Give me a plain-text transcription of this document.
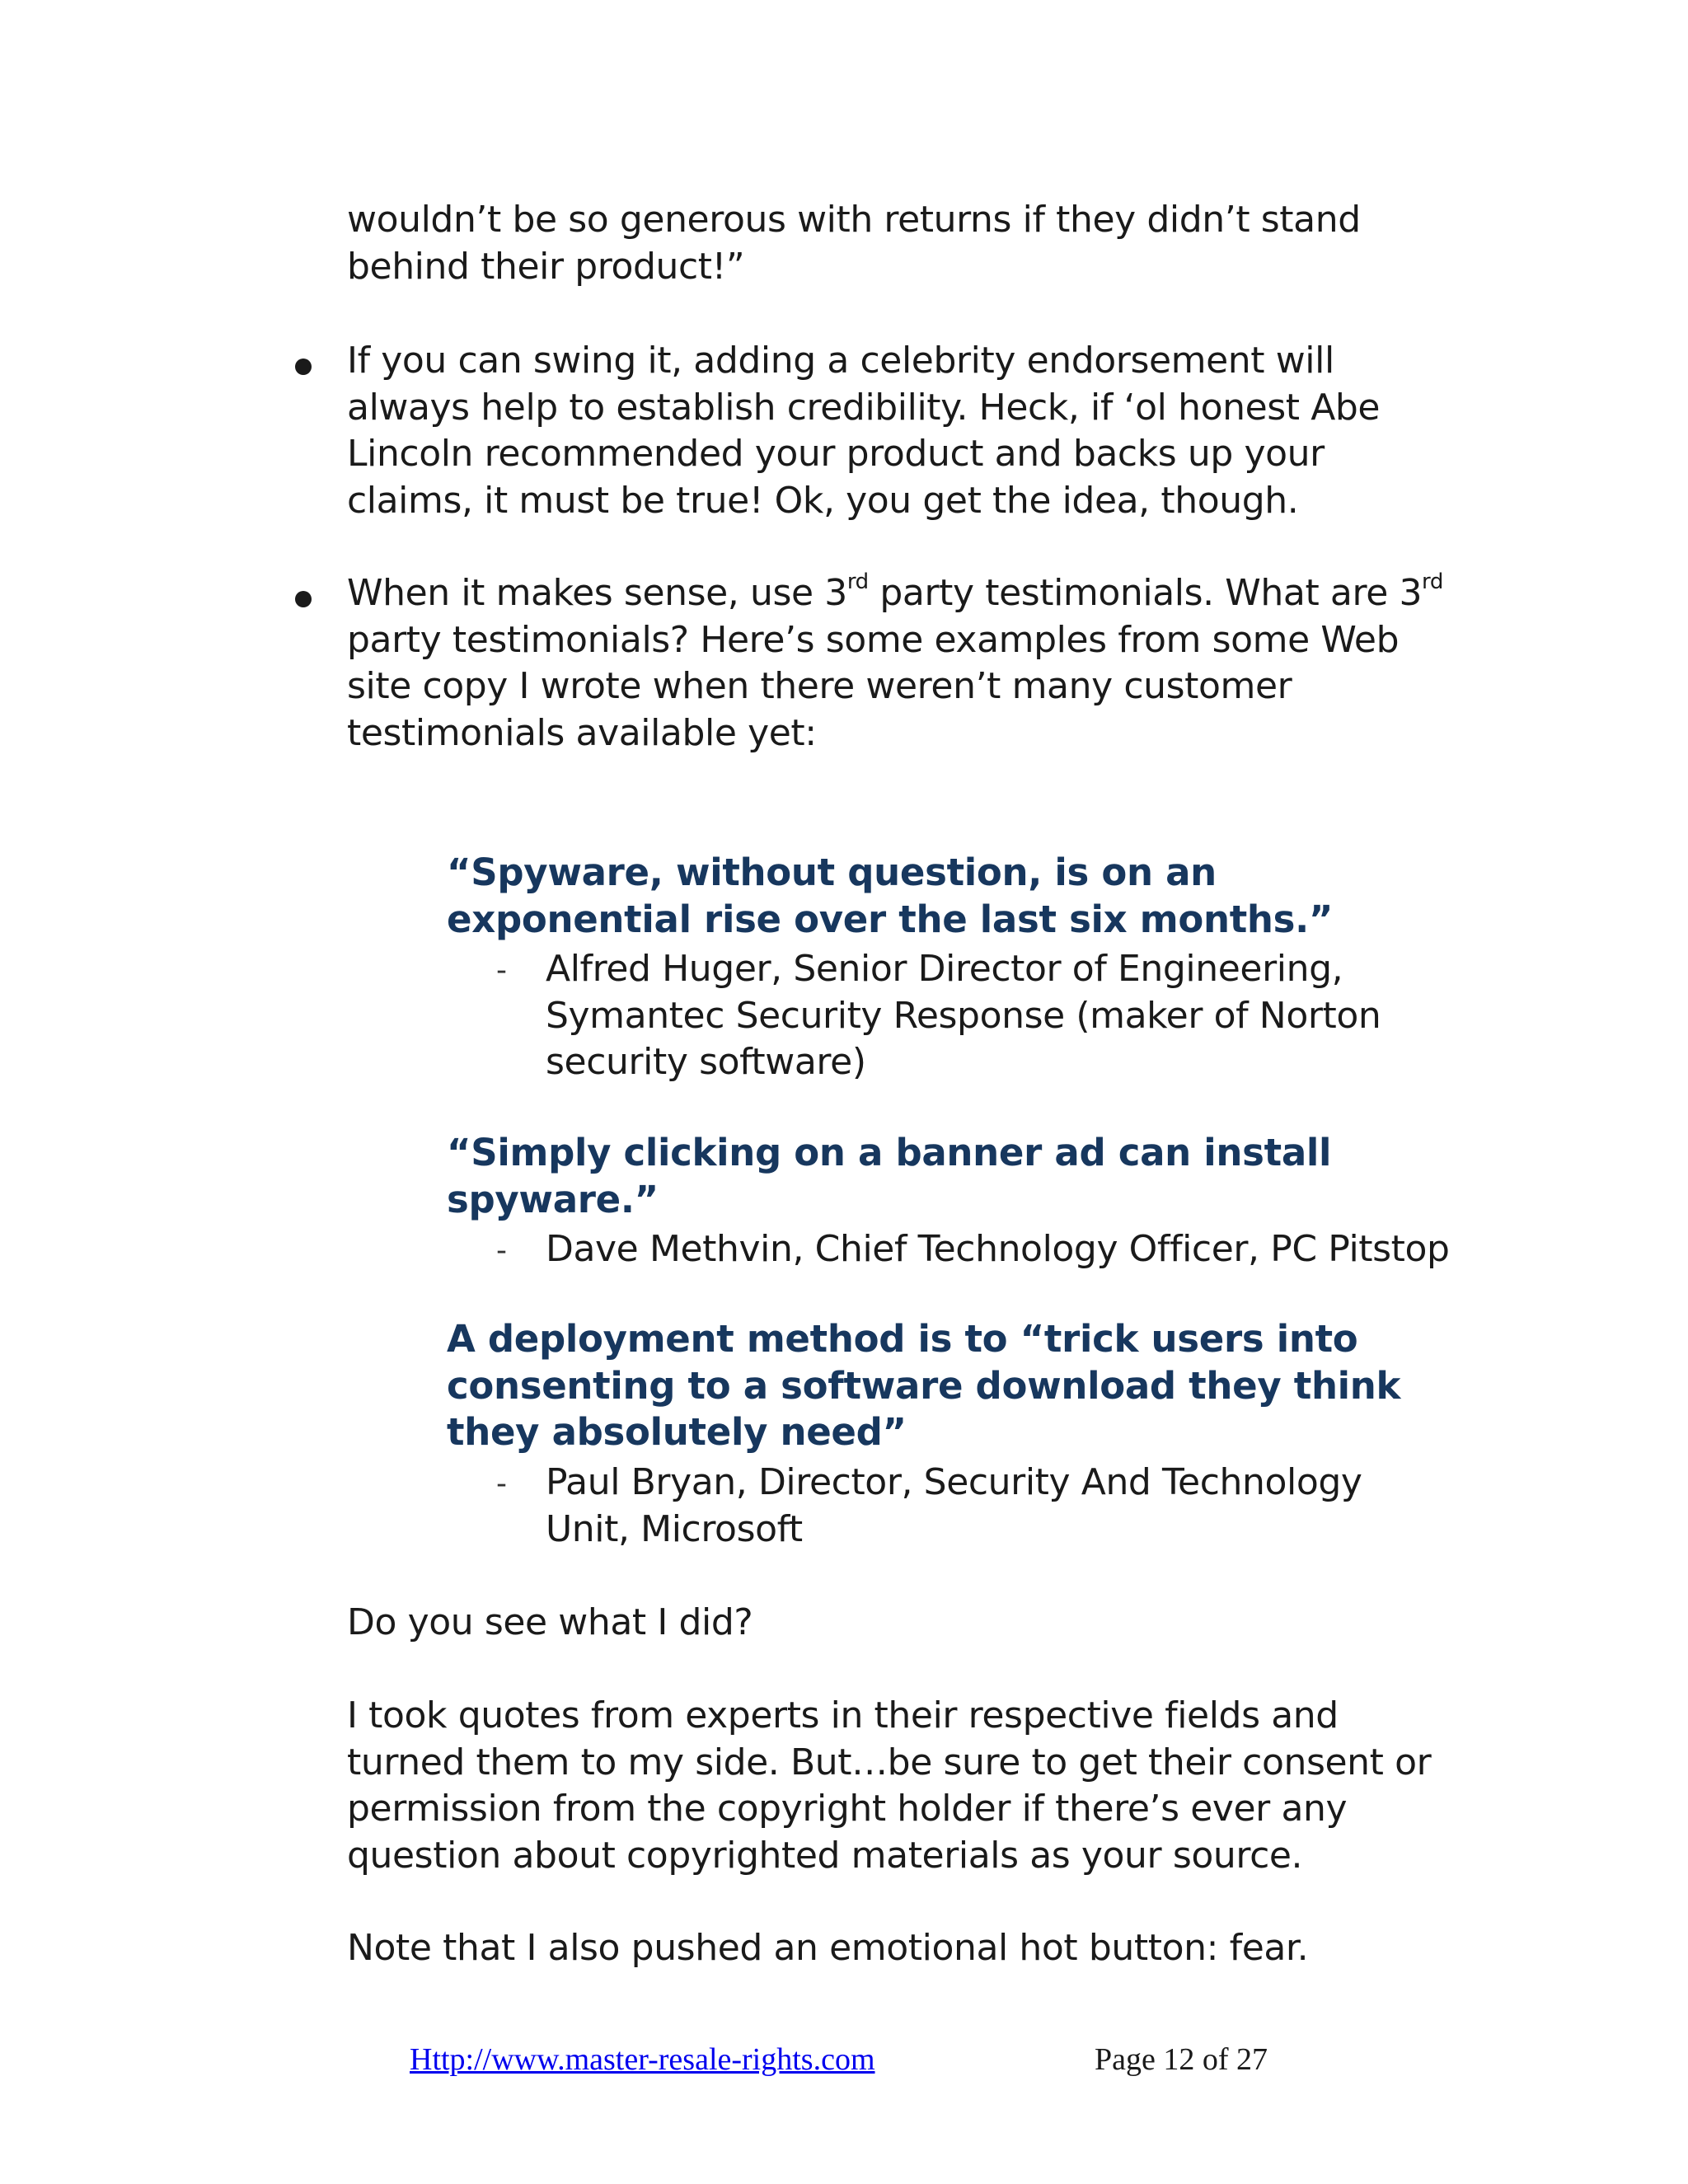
wouldn’t be so generous with returns if they didn’t stand behind their product!”
If you can swing it, adding a celebrity endorsement will always help to establish credibility. Heck, if ‘ol honest Abe Lincoln recommended your product and backs up your claims, it must be true! Ok, you get the idea, though.
When it makes sense, use 3rd party testimonials. What are 3rd party testimonials? Here’s some examples from some Web site copy I wrote when there weren’t many customer testimonials available yet:
“Spyware, without question, is on an exponential rise over the last six months.”
- Alfred Huger, Senior Director of Engineering, Symantec Security Response (maker of Norton security software)
“Simply clicking on a banner ad can install spyware.”
- Dave Methvin, Chief Technology Officer, PC Pitstop
A deployment method is to “trick users into consenting to a software download they think they absolutely need”
- Paul Bryan, Director, Security And Technology Unit, Microsoft
Do you see what I did?
I took quotes from experts in their respective fields and turned them to my side. But…be sure to get their consent or permission from the copyright holder if there’s ever any question about copyrighted materials as your source.
Note that I also pushed an emotional hot button: fear.
Http://www.master-resale-rights.com	Page 12 of 27
